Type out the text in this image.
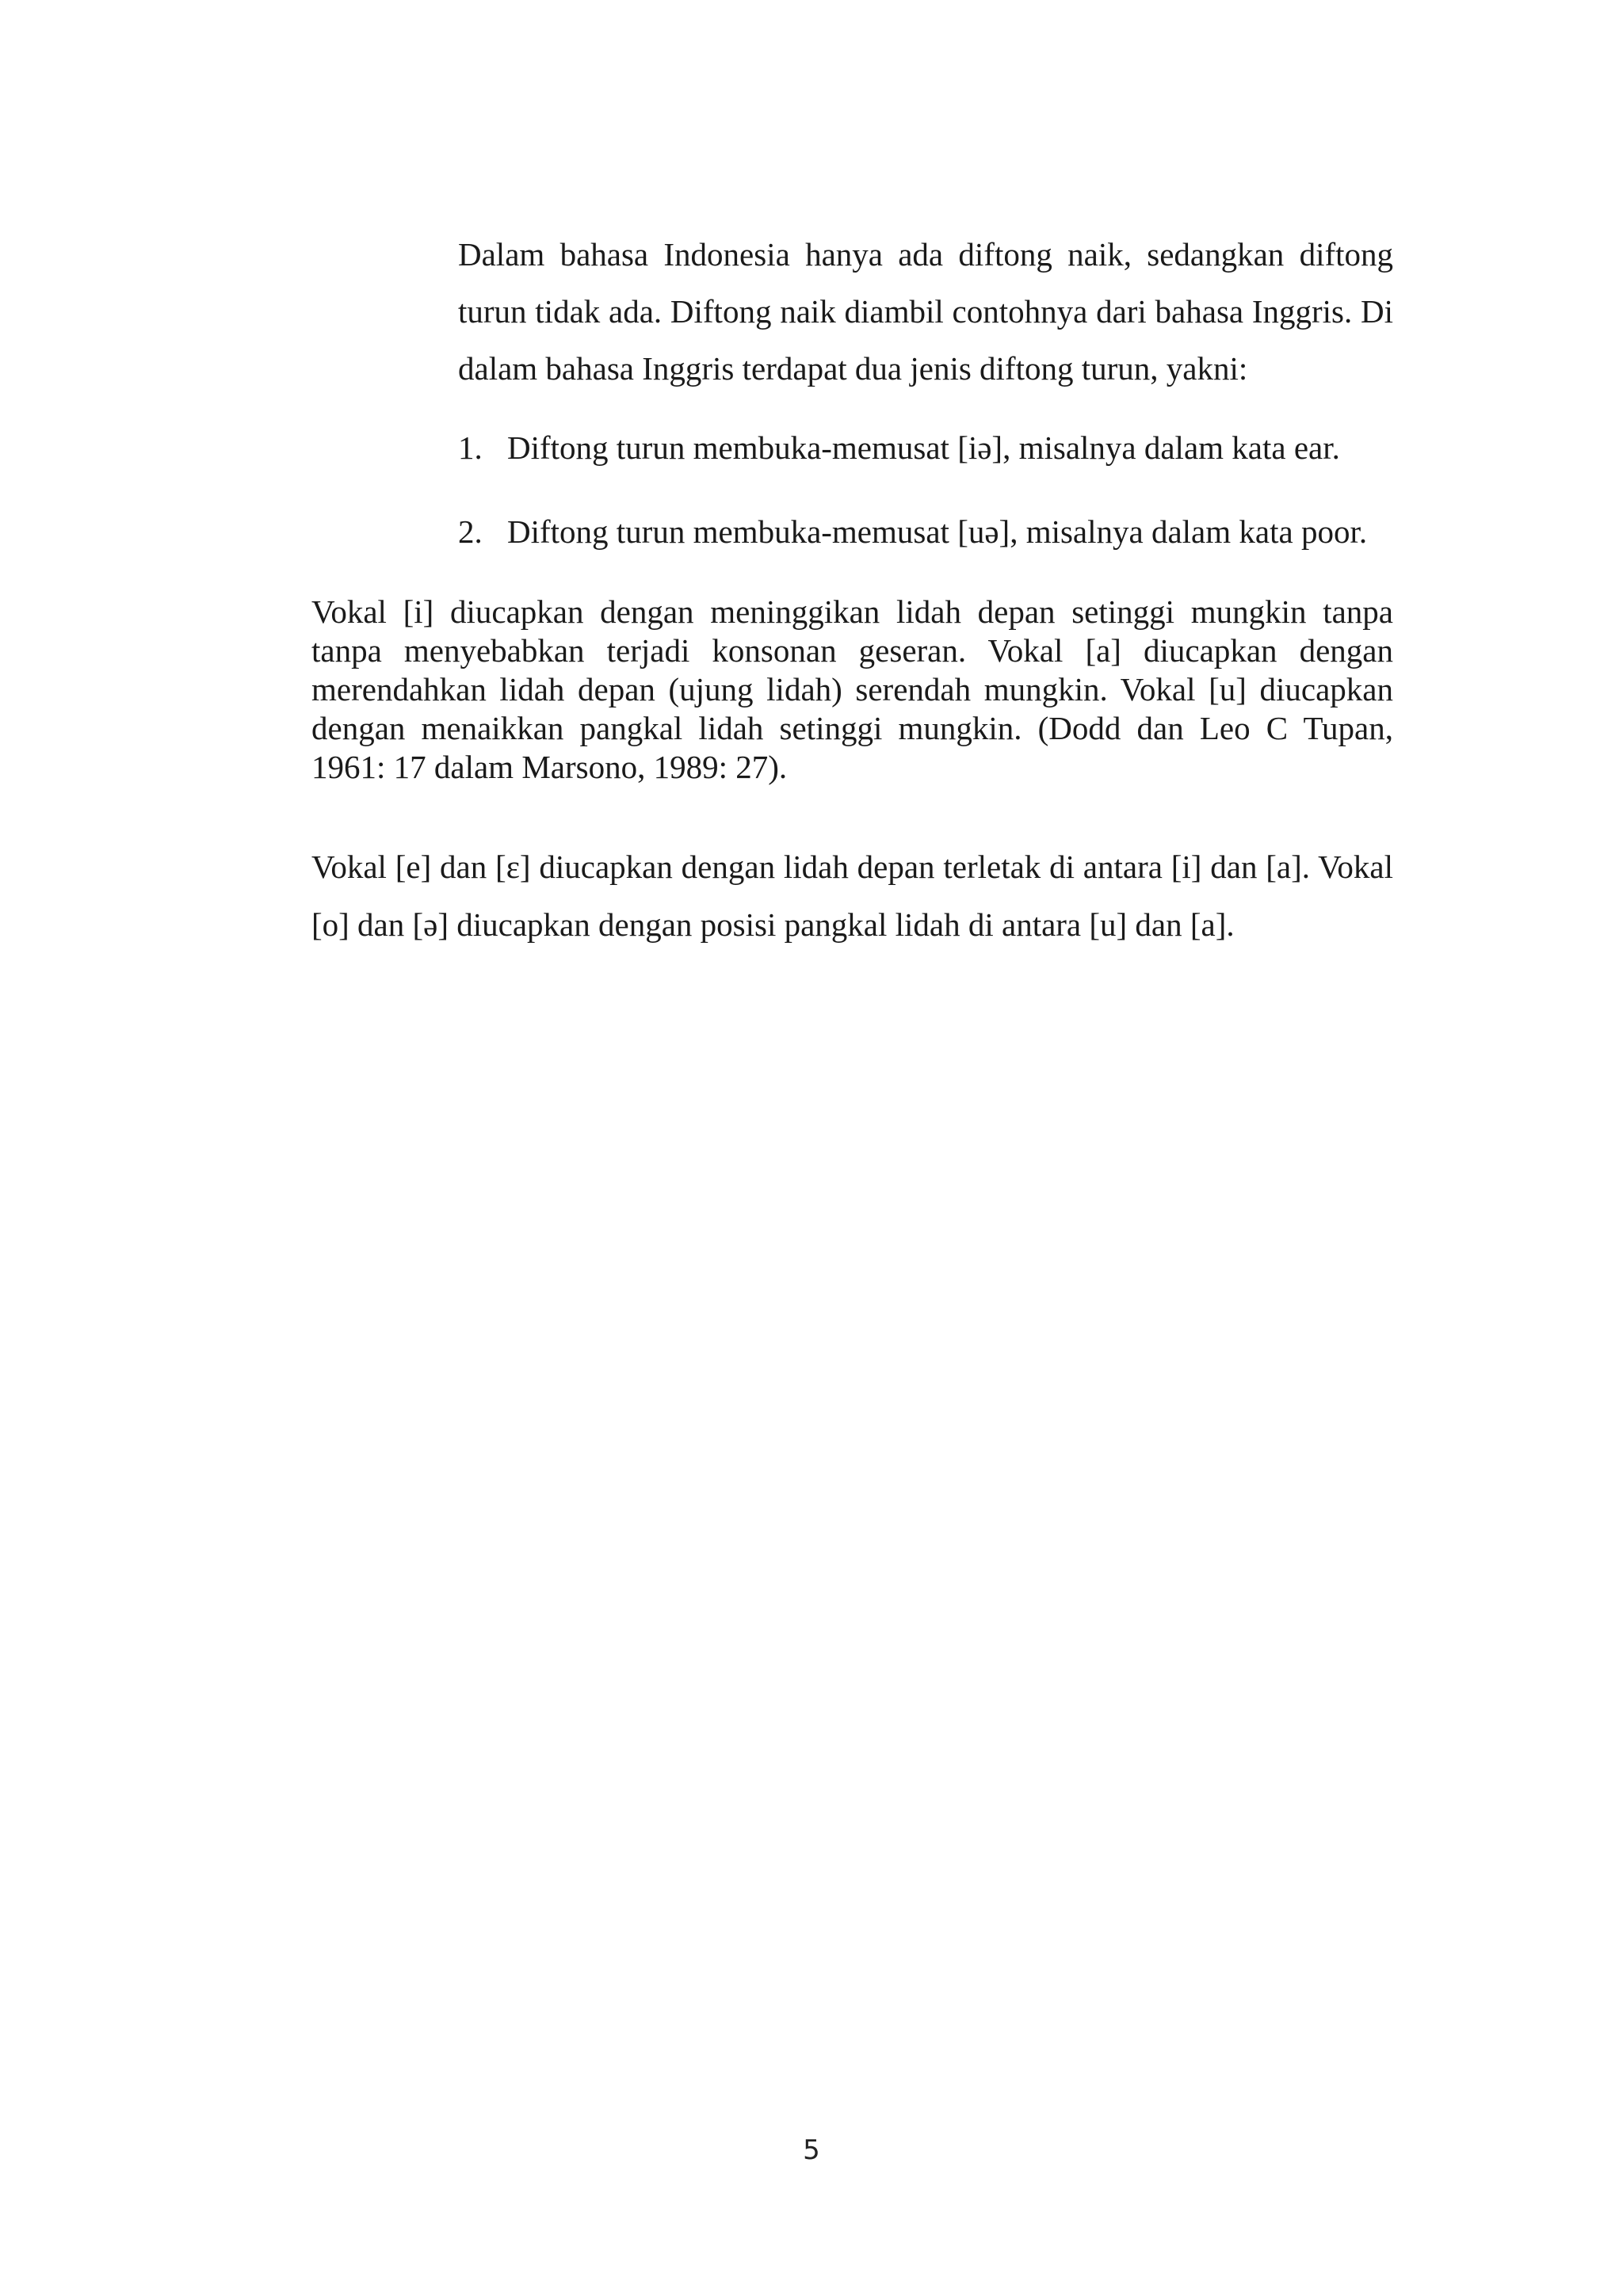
Dalam bahasa Indonesia hanya ada diftong naik, sedangkan diftong turun tidak ada. Diftong naik diambil contohnya dari bahasa Inggris. Di dalam bahasa Inggris terdapat dua jenis diftong turun, yakni:

1. Diftong turun membuka-memusat [iə], misalnya dalam kata ear.
2. Diftong turun membuka-memusat [uə], misalnya dalam kata poor.

Vokal [i] diucapkan dengan meninggikan lidah depan setinggi mungkin tanpa tanpa menyebabkan terjadi konsonan geseran. Vokal [a] diucapkan dengan merendahkan lidah depan (ujung lidah) serendah mungkin. Vokal [u] diucapkan dengan menaikkan pangkal lidah setinggi mungkin. (Dodd dan Leo C Tupan, 1961: 17 dalam Marsono, 1989: 27).

Vokal [e] dan [ɛ] diucapkan dengan lidah depan terletak di antara [i] dan [a]. Vokal [o] dan [ə] diucapkan dengan posisi pangkal lidah di antara [u] dan [a].

5
